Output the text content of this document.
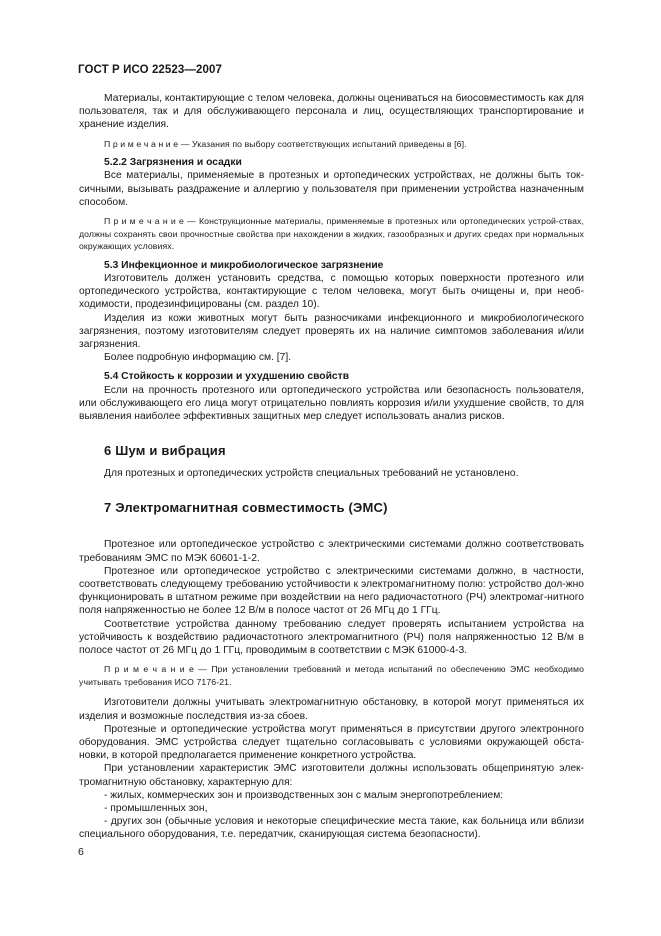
ГОСТ Р ИСО 22523—2007
Материалы, контактирующие с телом человека, должны оцениваться на биосовместимость как для пользователя, так и для обслуживающего персонала и лиц, осуществляющих транспортирование и хранение изделия.
П р и м е ч а н и е — Указания по выбору соответствующих испытаний приведены в [6].
5.2.2 Загрязнения и осадки
Все материалы, применяемые в протезных и ортопедических устройствах, не должны быть ток-сичными, вызывать раздражение и аллергию у пользователя при применении устройства назначенным способом.
П р и м е ч а н и е — Конструкционные материалы, применяемые в протезных или ортопедических устрой-ствах, должны сохранять свои прочностные свойства при нахождении в жидких, газообразных и других средах при нормальных окружающих условиях.
5.3 Инфекционное и микробиологическое загрязнение
Изготовитель должен установить средства, с помощью которых поверхности протезного или ортопедического устройства, контактирующие с телом человека, могут быть очищены и, при необ-ходимости, продезинфицированы (см. раздел 10).
Изделия из кожи животных могут быть разносчиками инфекционного и микробиологического загрязнения, поэтому изготовителям следует проверять их на наличие симптомов заболевания и/или загрязнения.
Более подробную информацию см. [7].
5.4 Стойкость к коррозии и ухудшению свойств
Если на прочность протезного или ортопедического устройства или безопасность пользователя, или обслуживающего его лица могут отрицательно повлиять коррозия и/или ухудшение свойств, то для выявления наиболее эффективных защитных мер следует использовать анализ рисков.
6 Шум и вибрация
Для протезных и ортопедических устройств специальных требований не установлено.
7 Электромагнитная совместимость (ЭМС)
Протезное или ортопедическое устройство с электрическими системами должно соответствовать требованиям ЭМС по МЭК 60601-1-2.
Протезное или ортопедическое устройство с электрическими системами должно, в частности, соответствовать следующему требованию устойчивости к электромагнитному полю: устройство дол-жно функционировать в штатном режиме при воздействии на него радиочастотного (РЧ) электромаг-нитного поля напряженностью не более 12 В/м в полосе частот от 26 МГц до 1 ГГц.
Соответствие устройства данному требованию следует проверять испытанием устройства на устойчивость к воздействию радиочастотного электромагнитного (РЧ) поля напряженностью 12 В/м в полосе частот от 26 МГц до 1 ГГц, проводимым в соответствии с МЭК 61000-4-3.
П р и м е ч а н и е — При установлении требований и метода испытаний по обеспечению ЭМС необходимо учитывать требования ИСО 7176-21.
Изготовители должны учитывать электромагнитную обстановку, в которой могут применяться их изделия и возможные последствия из-за сбоев.
Протезные и ортопедические устройства могут применяться в присутствии другого электронного оборудования. ЭМС устройства следует тщательно согласовывать с условиями окружающей обста-новки, в которой предполагается применение конкретного устройства.
При установлении характеристик ЭМС изготовители должны использовать общепринятую элек-тромагнитную обстановку, характерную для:
- жилых, коммерческих зон и производственных зон с малым энергопотреблением:
- промышленных зон,
- других зон (обычные условия и некоторые специфические места такие, как больница или вблизи специального оборудования, т.е. передатчик, сканирующая система безопасности).
6
